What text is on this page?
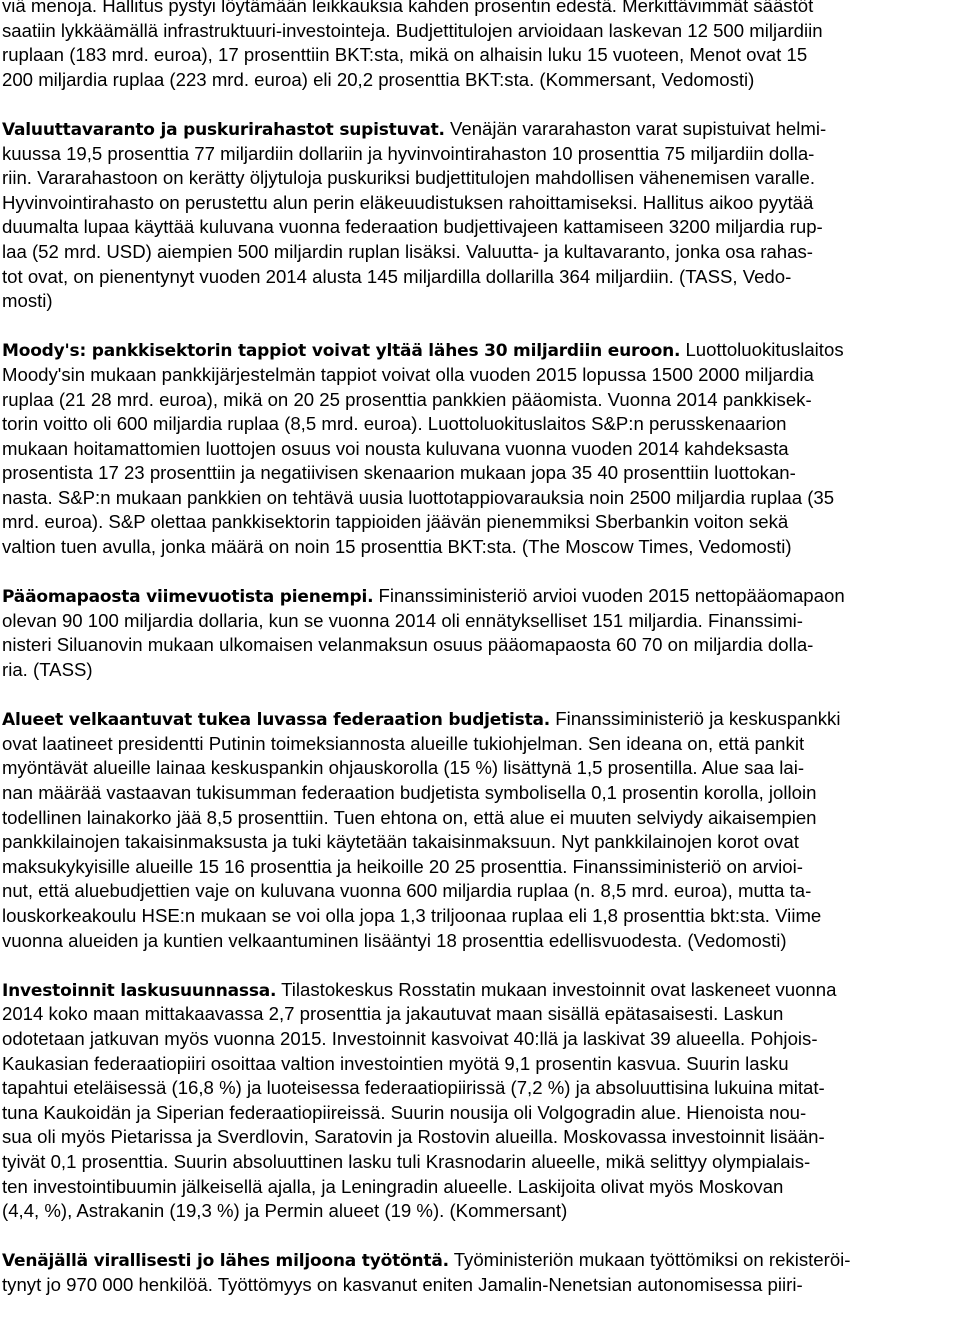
viä menoja. Hallitus pystyi löytämään leikkauksia kahden prosentin edestä. Merkittävimmät säästöt
saatiin lykkäämällä infrastruktuuri-investointeja. Budjettitulojen arvioidaan laskevan 12 500 miljardiin
ruplaan (183 mrd. euroa), 17 prosenttiin BKT:sta, mikä on alhaisin luku 15 vuoteen, Menot ovat 15
200 miljardia ruplaa (223 mrd. euroa) eli 20,2 prosenttia BKT:sta. (Kommersant, Vedomosti)
Valuuttavaranto ja puskurirahastot supistuvat. Venäjän vararahaston varat supistuivat helmi-
kuussa 19,5 prosenttia 77 miljardiin dollariin ja hyvinvointirahaston 10 prosenttia 75 miljardiin dolla-
riin. Vararahastoon on kerätty öljytuloja puskuriksi budjettitulojen mahdollisen vähenemisen varalle.
Hyvinvointirahasto on perustettu alun perin eläkeuudistuksen rahoittamiseksi. Hallitus aikoo pyytää
duumalta lupaa käyttää kuluvana vuonna federaation budjettivajeen kattamiseen 3200 miljardia rup-
laa (52 mrd. USD) aiempien 500 miljardin ruplan lisäksi. Valuutta- ja kultavaranto, jonka osa rahas-
tot ovat, on pienentynyt vuoden 2014 alusta 145 miljardilla dollarilla 364 miljardiin. (TASS, Vedo-
mosti)
Moody's: pankkisektorin tappiot voivat yltää lähes 30 miljardiin euroon. Luottoluokituslaitos
Moody'sin mukaan pankkijärjestelmän tappiot voivat olla vuoden 2015 lopussa 1500 2000 miljardia
ruplaa (21 28 mrd. euroa), mikä on 20 25 prosenttia pankkien pääomista. Vuonna 2014 pankkisek-
torin voitto oli 600 miljardia ruplaa (8,5 mrd. euroa). Luottoluokituslaitos S&P:n perusskenaarion
mukaan hoitamattomien luottojen osuus voi nousta kuluvana vuonna vuoden 2014 kahdeksasta
prosentista 17 23 prosenttiin ja negatiivisen skenaarion mukaan jopa 35 40 prosenttiin luottokan-
nasta. S&P:n mukaan pankkien on tehtävä uusia luottotappiovarauksia noin 2500 miljardia ruplaa (35
mrd. euroa). S&P olettaa pankkisektorin tappioiden jäävän pienemmiksi Sberbankin voiton sekä
valtion tuen avulla, jonka määrä on noin 15 prosenttia BKT:sta. (The Moscow Times, Vedomosti)
Pääomapaosta viimevuotista pienempi. Finanssiministeriö arvioi vuoden 2015 nettopääomapaon
olevan 90 100 miljardia dollaria, kun se vuonna 2014 oli ennätykselliset 151 miljardia. Finanssimi-
nisteri Siluanovin mukaan ulkomaisen velanmaksun osuus pääomapaosta 60 70 on miljardia dolla-
ria. (TASS)
Alueet velkaantuvat tukea luvassa federaation budjetista. Finanssiministeriö ja keskuspankki
ovat laatineet presidentti Putinin toimeksiannosta alueille tukiohjelman. Sen ideana on, että pankit
myöntävät alueille lainaa keskuspankin ohjauskorolla (15 %) lisättynä 1,5 prosentilla. Alue saa lai-
nan määrää vastaavan tukisumman federaation budjetista symbolisella 0,1 prosentin korolla, jolloin
todellinen lainakorko jää 8,5 prosenttiin. Tuen ehtona on, että alue ei muuten selviydy aikaisempien
pankkilainojen takaisinmaksusta ja tuki käytetään takaisinmaksuun. Nyt pankkilainojen korot ovat
maksukykyisille alueille 15 16 prosenttia ja heikoille 20 25 prosenttia. Finanssiministeriö on arvioi-
nut, että aluebudjettien vaje on kuluvana vuonna 600 miljardia ruplaa (n. 8,5 mrd. euroa), mutta ta-
louskorkeakoulu HSE:n mukaan se voi olla jopa 1,3 triljoonaa ruplaa eli 1,8 prosenttia bkt:sta. Viime
vuonna alueiden ja kuntien velkaantuminen lisääntyi 18 prosenttia edellisvuodesta. (Vedomosti)
Investoinnit laskusuunnassa. Tilastokeskus Rosstatin mukaan investoinnit ovat laskeneet vuonna
2014 koko maan mittakaavassa 2,7 prosenttia ja jakautuvat maan sisällä epätasaisesti. Laskun
odotetaan jatkuvan myös vuonna 2015. Investoinnit kasvoivat 40:llä ja laskivat 39 alueella. Pohjois-
Kaukasian federaatiopiiri osoittaa valtion investointien myötä 9,1 prosentin kasvua. Suurin lasku
tapahtui eteläisessä (16,8 %) ja luoteisessa federaatiopiirissä (7,2 %) ja absoluuttisina lukuina mitat-
tuna Kaukoidän ja Siperian federaatiopiireissä. Suurin nousija oli Volgogradin alue. Hienoista nou-
sua oli myös Pietarissa ja Sverdlovin, Saratovin ja Rostovin alueilla. Moskovassa investoinnit lisään-
tyivät 0,1 prosenttia. Suurin absoluuttinen lasku tuli Krasnodarin alueelle, mikä selittyy olympialais-
ten investointibuumin jälkeisellä ajalla, ja Leningradin alueelle. Laskijoita olivat myös Moskovan
(4,4, %), Astrakanin (19,3 %) ja Permin alueet (19 %). (Kommersant)
Venäjällä virallisesti jo lähes miljoona työtöntä. Työministeriön mukaan työttömiksi on rekisteröi-
tynyt jo 970 000 henkilöä. Työttömyys on kasvanut eniten Jamalin-Nenetsian autonomisessa piiri-
